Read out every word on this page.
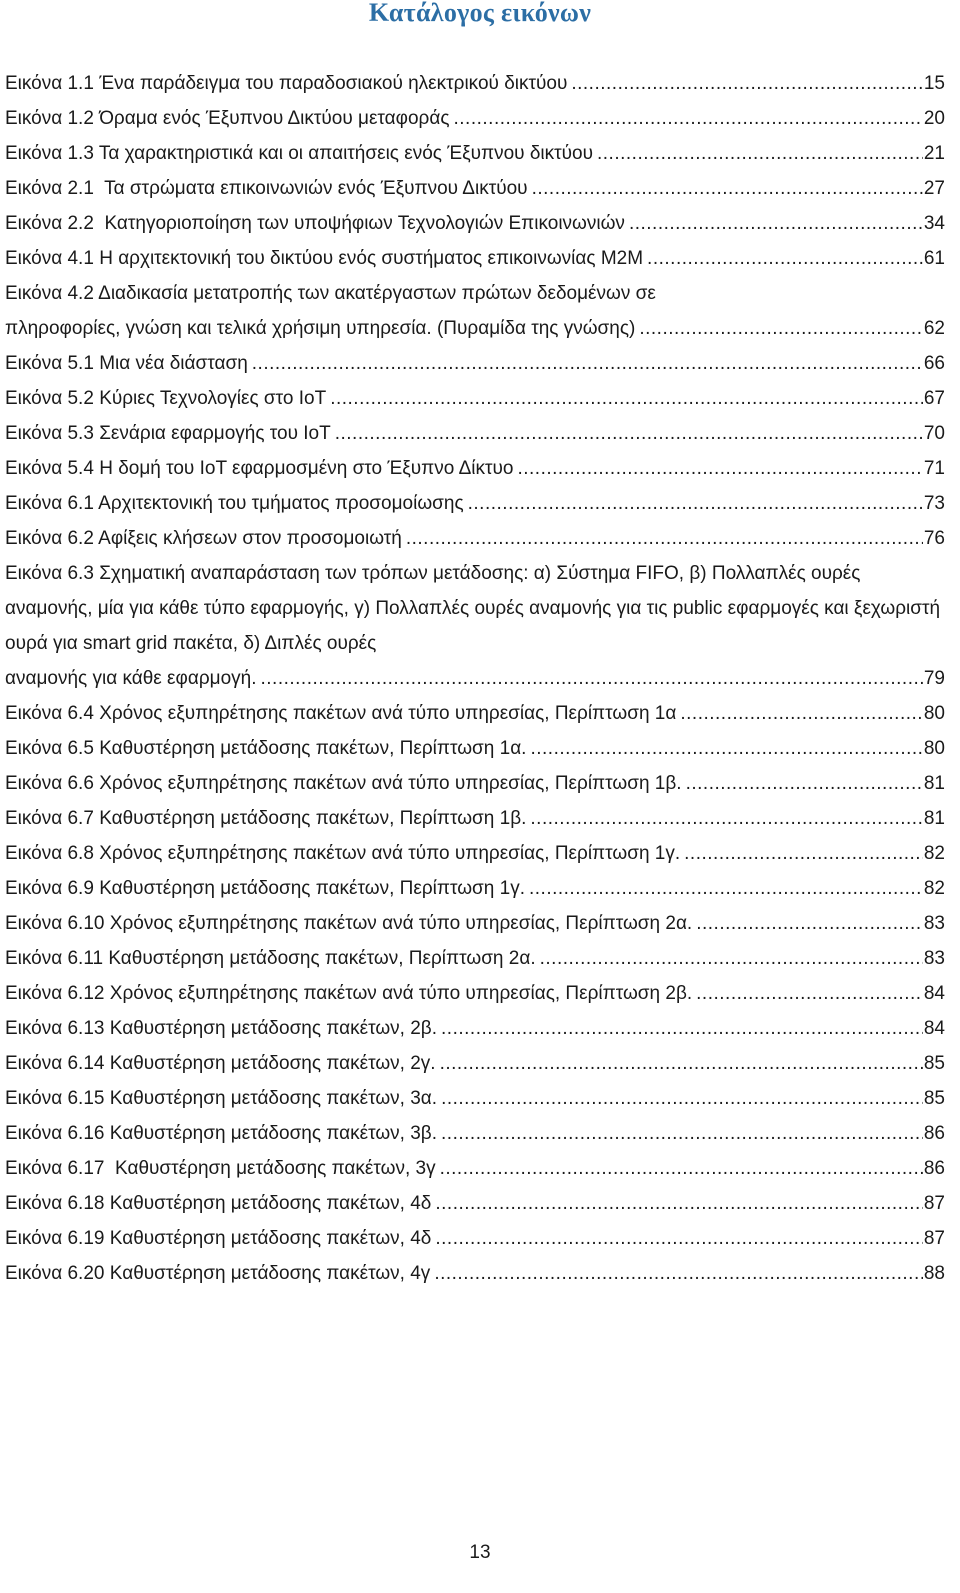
Κατάλογος εικόνων
Εικόνα 1.1 Ένα παράδειγμα του παραδοσιακού ηλεκτρικού δικτύου .....	15
Εικόνα 1.2 Όραμα ενός Έξυπνου Δικτύου μεταφοράς .....	20
Εικόνα 1.3 Τα χαρακτηριστικά και οι απαιτήσεις ενός Έξυπνου δικτύου .....	21
Εικόνα 2.1 Τα στρώματα επικοινωνιών ενός Έξυπνου Δικτύου .....	27
Εικόνα 2.2 Κατηγοριοποίηση των υποψήφιων Τεχνολογιών Επικοινωνιών .....	34
Εικόνα 4.1 Η αρχιτεκτονική του δικτύου ενός συστήματος επικοινωνίας M2M .....	61
Εικόνα 4.2 Διαδικασία μετατροπής των ακατέργαστων πρώτων δεδομένων σε
πληροφορίες, γνώση και τελικά χρήσιμη υπηρεσία. (Πυραμίδα της γνώσης) .....	62
Εικόνα 5.1 Μια νέα διάσταση .....	66
Εικόνα 5.2 Κύριες Τεχνολογίες στο IoT .....	67
Εικόνα 5.3 Σενάρια εφαρμογής του IoT .....	70
Εικόνα 5.4 Η δομή του IoT εφαρμοσμένη στο Έξυπνο Δίκτυο .....	71
Εικόνα 6.1 Αρχιτεκτονική του τμήματος προσομοίωσης .....	73
Εικόνα 6.2 Αφίξεις κλήσεων στον προσομοιωτή .....	76
Εικόνα 6.3 Σχηματική αναπαράσταση των τρόπων μετάδοσης: α) Σύστημα FIFO, β) Πολλαπλές ουρές αναμονής, μία για κάθε τύπο εφαρμογής, γ) Πολλαπλές ουρές αναμονής για τις public εφαρμογές και ξεχωριστή ουρά για smart grid πακέτα, δ) Διπλές ουρές
αναμονής για κάθε εφαρμογή. .....	79
Εικόνα 6.4 Χρόνος εξυπηρέτησης πακέτων ανά τύπο υπηρεσίας, Περίπτωση 1α .....	80
Εικόνα 6.5 Καθυστέρηση μετάδοσης πακέτων, Περίπτωση 1α. .....	80
Εικόνα 6.6 Χρόνος εξυπηρέτησης πακέτων ανά τύπο υπηρεσίας, Περίπτωση 1β. .....	81
Εικόνα 6.7 Καθυστέρηση μετάδοσης πακέτων, Περίπτωση 1β. .....	81
Εικόνα 6.8 Χρόνος εξυπηρέτησης πακέτων ανά τύπο υπηρεσίας, Περίπτωση 1γ. .....	82
Εικόνα 6.9 Καθυστέρηση μετάδοσης πακέτων, Περίπτωση 1γ. .....	82
Εικόνα 6.10 Χρόνος εξυπηρέτησης πακέτων ανά τύπο υπηρεσίας, Περίπτωση 2α. .....	83
Εικόνα 6.11 Καθυστέρηση μετάδοσης πακέτων, Περίπτωση 2α. .....	83
Εικόνα 6.12 Χρόνος εξυπηρέτησης πακέτων ανά τύπο υπηρεσίας, Περίπτωση 2β. .....	84
Εικόνα 6.13 Καθυστέρηση μετάδοσης πακέτων, 2β. .....	84
Εικόνα 6.14 Καθυστέρηση μετάδοσης πακέτων, 2γ. .....	85
Εικόνα 6.15 Καθυστέρηση μετάδοσης πακέτων, 3α. .....	85
Εικόνα 6.16 Καθυστέρηση μετάδοσης πακέτων, 3β. .....	86
Εικόνα 6.17 Καθυστέρηση μετάδοσης πακέτων, 3γ .....	86
Εικόνα 6.18 Καθυστέρηση μετάδοσης πακέτων, 4δ .....	87
Εικόνα 6.19 Καθυστέρηση μετάδοσης πακέτων, 4δ .....	87
Εικόνα 6.20 Καθυστέρηση μετάδοσης πακέτων, 4γ .....	88
13
